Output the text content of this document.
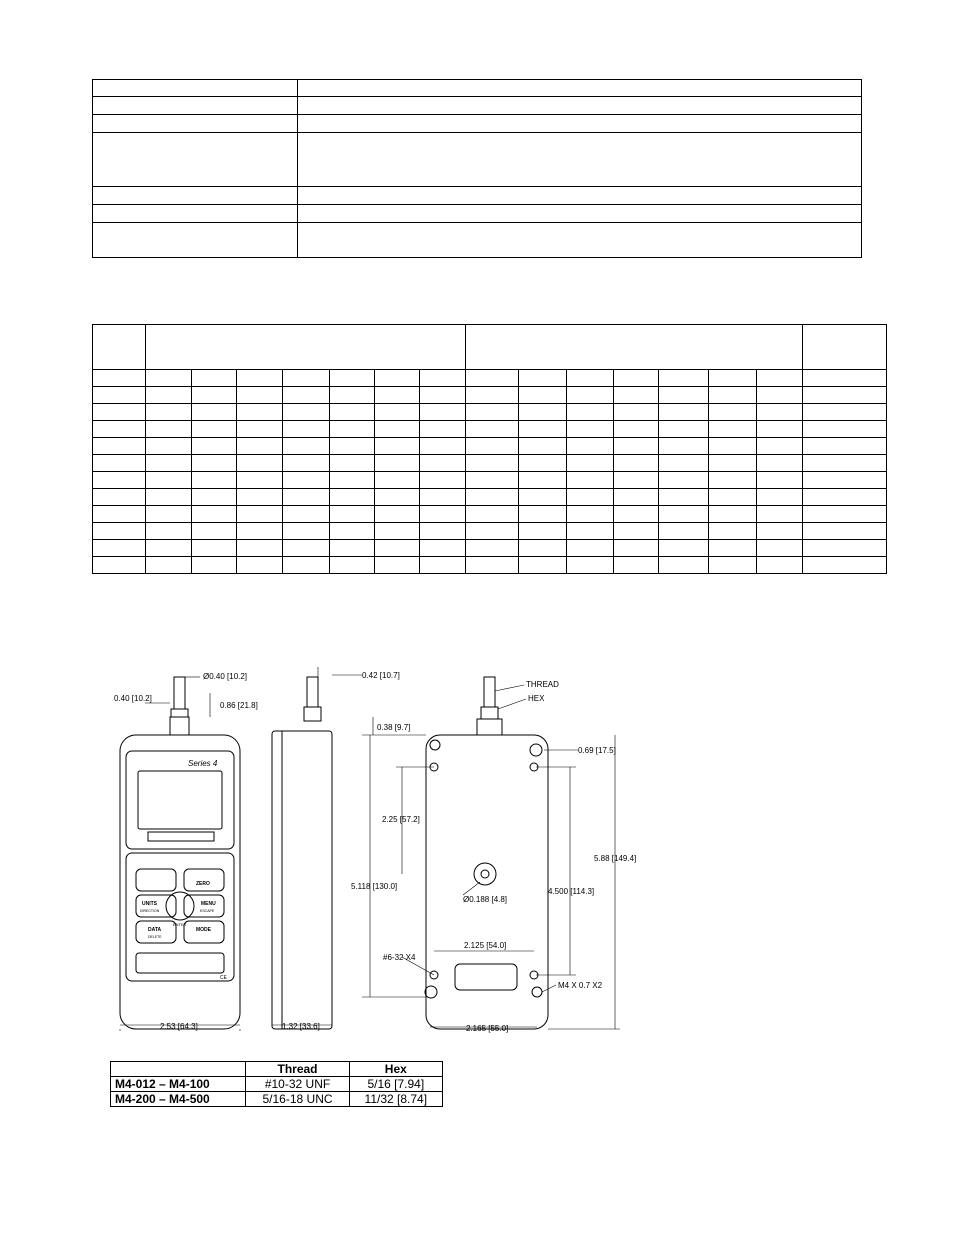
Ø0.40 [10.2]
0.40 [10.2]
0.86 [21.8]
2.53 [64.3]
Series 4
ZERO
UNITS
DIRECTION
MENU
ESCAPE
ENTER
DATA
DELETE
MODE
CE
0.42 [10.7]
1.32 [33.6]
THREAD
HEX
0.38 [9.7]
0.69 [17.5]
5.88 [149.4]
2.25 [57.2]
5.118 [130.0]
4.500 [114.3]
Ø0.188 [4.8]
2.125 [54.0]
#6-32 X4
M4 X 0.7 X2
2.165 [55.0]
	Thread	Hex
M4-012 – M4-100	#10-32 UNF	5/16 [7.94]
M4-200 – M4-500	5/16-18 UNC	11/32 [8.74]
